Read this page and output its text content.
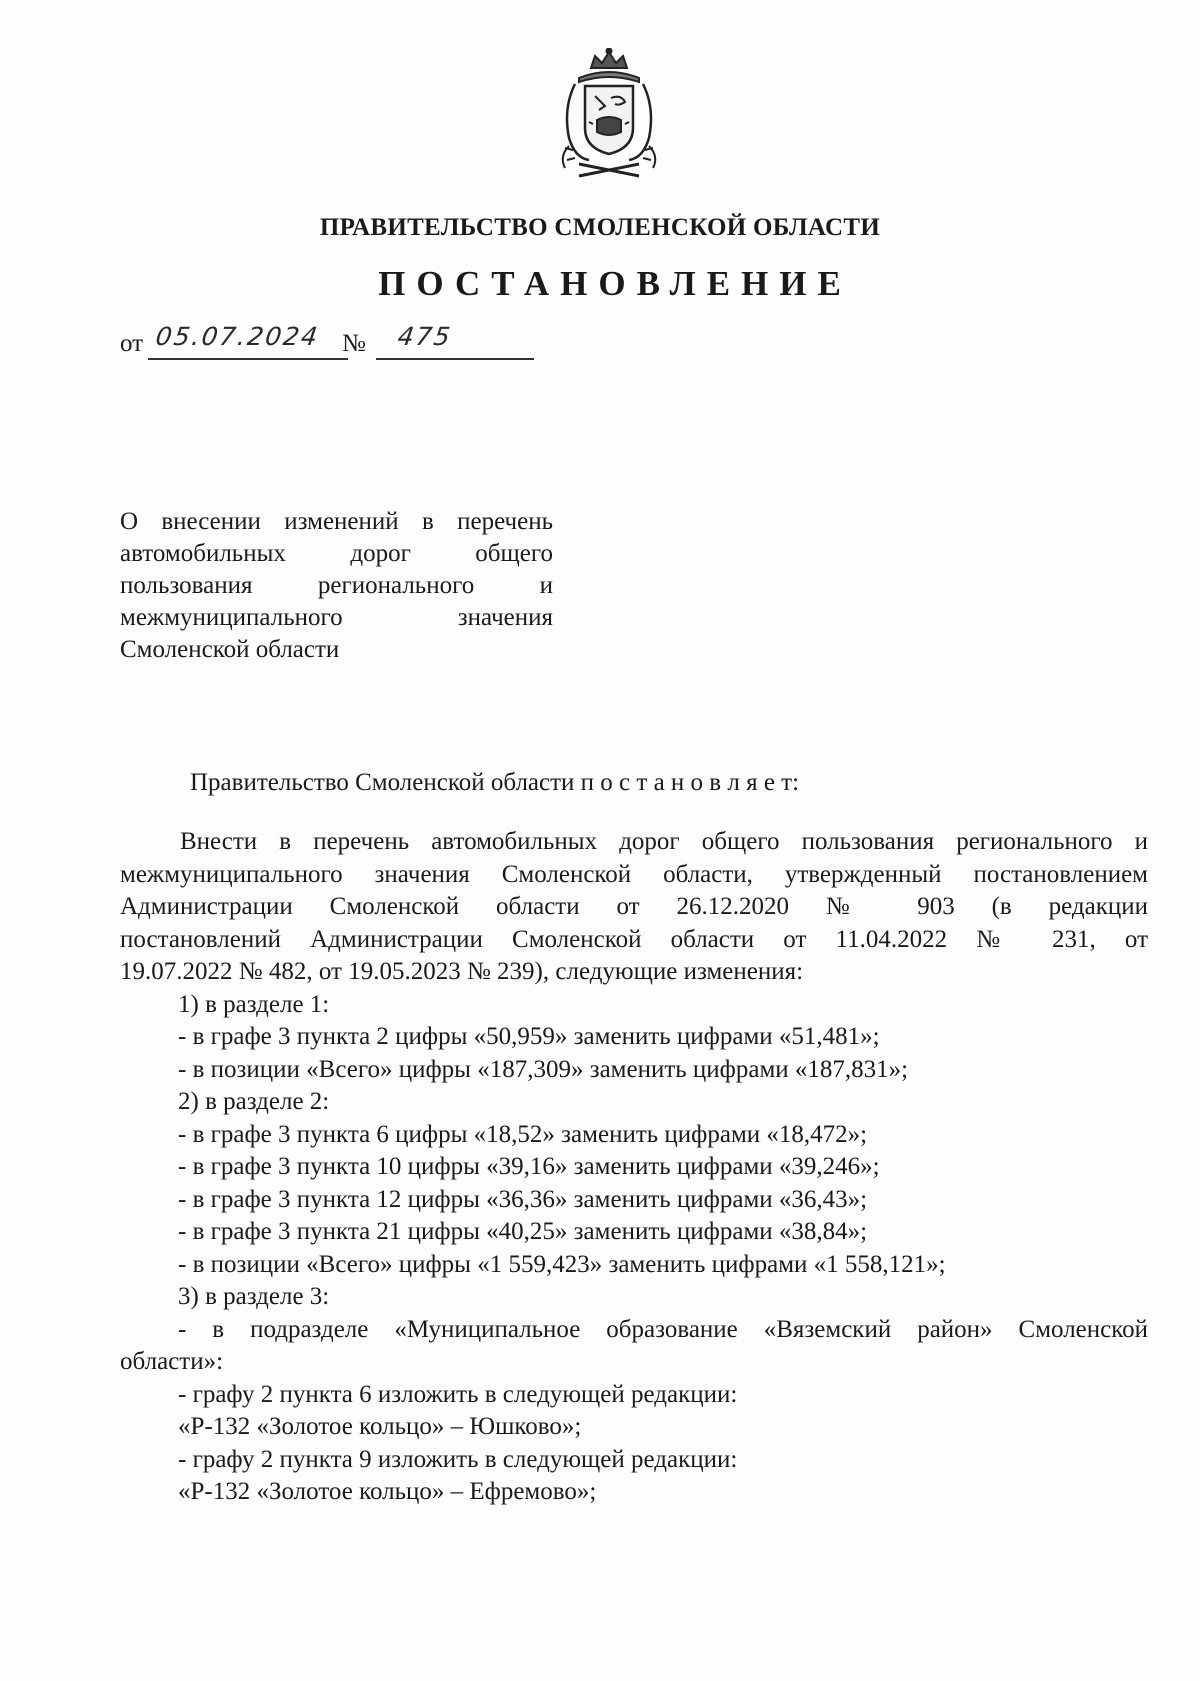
ПРАВИТЕЛЬСТВО СМОЛЕНСКОЙ ОБЛАСТИ
ПОСТАНОВЛЕНИЕ
от 05.07.2024 № 475
О внесении изменений в перечень
автомобильных дорог общего
пользования регионального и
межмуниципального значения
Смоленской области
Правительство Смоленской области п о с т а н о в л я е т:
Внести в перечень автомобильных дорог общего пользования регионального и
межмуниципального значения Смоленской области, утвержденный постановлением
Администрации Смоленской области от 26.12.2020 № 903 (в редакции
постановлений Администрации Смоленской области от 11.04.2022 № 231, от
19.07.2022 № 482, от 19.05.2023 № 239), следующие изменения:
1) в разделе 1:
- в графе 3 пункта 2 цифры «50,959» заменить цифрами «51,481»;
- в позиции «Всего» цифры «187,309» заменить цифрами «187,831»;
2) в разделе 2:
- в графе 3 пункта 6 цифры «18,52» заменить цифрами «18,472»;
- в графе 3 пункта 10 цифры «39,16» заменить цифрами «39,246»;
- в графе 3 пункта 12 цифры «36,36» заменить цифрами «36,43»;
- в графе 3 пункта 21 цифры «40,25» заменить цифрами «38,84»;
- в позиции «Всего» цифры «1 559,423» заменить цифрами «1 558,121»;
3) в разделе 3:
- в подразделе «Муниципальное образование «Вяземский район» Смоленской
области»:
- графу 2 пункта 6 изложить в следующей редакции:
«Р-132 «Золотое кольцо» – Юшково»;
- графу 2 пункта 9 изложить в следующей редакции:
«Р-132 «Золотое кольцо» – Ефремово»;
